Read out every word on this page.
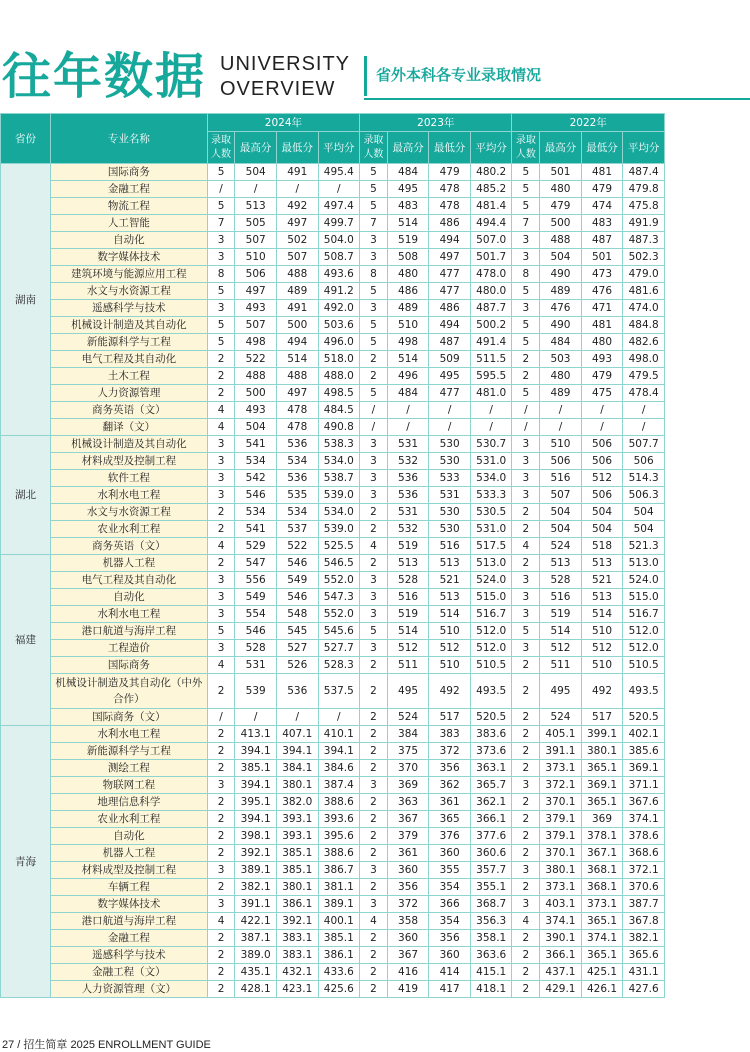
往年数据 UNIVERSITY
OVERVIEW
省外本科各专业录取情况
省份	专业名称	2024年				2023年				2022年			
		录取人数	最高分	最低分	平均分	录取人数	最高分	最低分	平均分	录取人数	最高分	最低分	平均分
湖南	国际商务	5	504	491	495.4	5	484	479	480.2	5	501	481	487.4
	金融工程	/	/	/	/	5	495	478	485.2	5	480	479	479.8
	物流工程	5	513	492	497.4	5	483	478	481.4	5	479	474	475.8
	人工智能	7	505	497	499.7	7	514	486	494.4	7	500	483	491.9
	自动化	3	507	502	504.0	3	519	494	507.0	3	488	487	487.3
	数字媒体技术	3	510	507	508.7	3	508	497	501.7	3	504	501	502.3
	建筑环境与能源应用工程	8	506	488	493.6	8	480	477	478.0	8	490	473	479.0
	水文与水资源工程	5	497	489	491.2	5	486	477	480.0	5	489	476	481.6
	遥感科学与技术	3	493	491	492.0	3	489	486	487.7	3	476	471	474.0
	机械设计制造及其自动化	5	507	500	503.6	5	510	494	500.2	5	490	481	484.8
	新能源科学与工程	5	498	494	496.0	5	498	487	491.4	5	484	480	482.6
	电气工程及其自动化	2	522	514	518.0	2	514	509	511.5	2	503	493	498.0
	土木工程	2	488	488	488.0	2	496	495	595.5	2	480	479	479.5
	人力资源管理	2	500	497	498.5	5	484	477	481.0	5	489	475	478.4
	商务英语（文）	4	493	478	484.5	/	/	/	/	/	/	/	/
	翻译（文）	4	504	478	490.8	/	/	/	/	/	/	/	/
湖北	机械设计制造及其自动化	3	541	536	538.3	3	531	530	530.7	3	510	506	507.7
	材料成型及控制工程	3	534	534	534.0	3	532	530	531.0	3	506	506	506
	软件工程	3	542	536	538.7	3	536	533	534.0	3	516	512	514.3
	水利水电工程	3	546	535	539.0	3	536	531	533.3	3	507	506	506.3
	水文与水资源工程	2	534	534	534.0	2	531	530	530.5	2	504	504	504
	农业水利工程	2	541	537	539.0	2	532	530	531.0	2	504	504	504
	商务英语（文）	4	529	522	525.5	4	519	516	517.5	4	524	518	521.3
福建	机器人工程	2	547	546	546.5	2	513	513	513.0	2	513	513	513.0
	电气工程及其自动化	3	556	549	552.0	3	528	521	524.0	3	528	521	524.0
	自动化	3	549	546	547.3	3	516	513	515.0	3	516	513	515.0
	水利水电工程	3	554	548	552.0	3	519	514	516.7	3	519	514	516.7
	港口航道与海岸工程	5	546	545	545.6	5	514	510	512.0	5	514	510	512.0
	工程造价	3	528	527	527.7	3	512	512	512.0	3	512	512	512.0
	国际商务	4	531	526	528.3	2	511	510	510.5	2	511	510	510.5
	机械设计制造及其自动化（中外合作）	2	539	536	537.5	2	495	492	493.5	2	495	492	493.5
	国际商务（文）	/	/	/	/	2	524	517	520.5	2	524	517	520.5
青海	水利水电工程	2	413.1	407.1	410.1	2	384	383	383.6	2	405.1	399.1	402.1
	新能源科学与工程	2	394.1	394.1	394.1	2	375	372	373.6	2	391.1	380.1	385.6
	测绘工程	2	385.1	384.1	384.6	2	370	356	363.1	2	373.1	365.1	369.1
	物联网工程	3	394.1	380.1	387.4	3	369	362	365.7	3	372.1	369.1	371.1
	地理信息科学	2	395.1	382.0	388.6	2	363	361	362.1	2	370.1	365.1	367.6
	农业水利工程	2	394.1	393.1	393.6	2	367	365	366.1	2	379.1	369	374.1
	自动化	2	398.1	393.1	395.6	2	379	376	377.6	2	379.1	378.1	378.6
	机器人工程	2	392.1	385.1	388.6	2	361	360	360.6	2	370.1	367.1	368.6
	材料成型及控制工程	3	389.1	385.1	386.7	3	360	355	357.7	3	380.1	368.1	372.1
	车辆工程	2	382.1	380.1	381.1	2	356	354	355.1	2	373.1	368.1	370.6
	数字媒体技术	3	391.1	386.1	389.1	3	372	366	368.7	3	403.1	373.1	387.7
	港口航道与海岸工程	4	422.1	392.1	400.1	4	358	354	356.3	4	374.1	365.1	367.8
	金融工程	2	387.1	383.1	385.1	2	360	356	358.1	2	390.1	374.1	382.1
	遥感科学与技术	2	389.0	383.1	386.1	2	367	360	363.6	2	366.1	365.1	365.6
	金融工程（文）	2	435.1	432.1	433.6	2	416	414	415.1	2	437.1	425.1	431.1
	人力资源管理（文）	2	428.1	423.1	425.6	2	419	417	418.1	2	429.1	426.1	427.6
27 / 招生简章 2025 ENROLLMENT GUIDE
